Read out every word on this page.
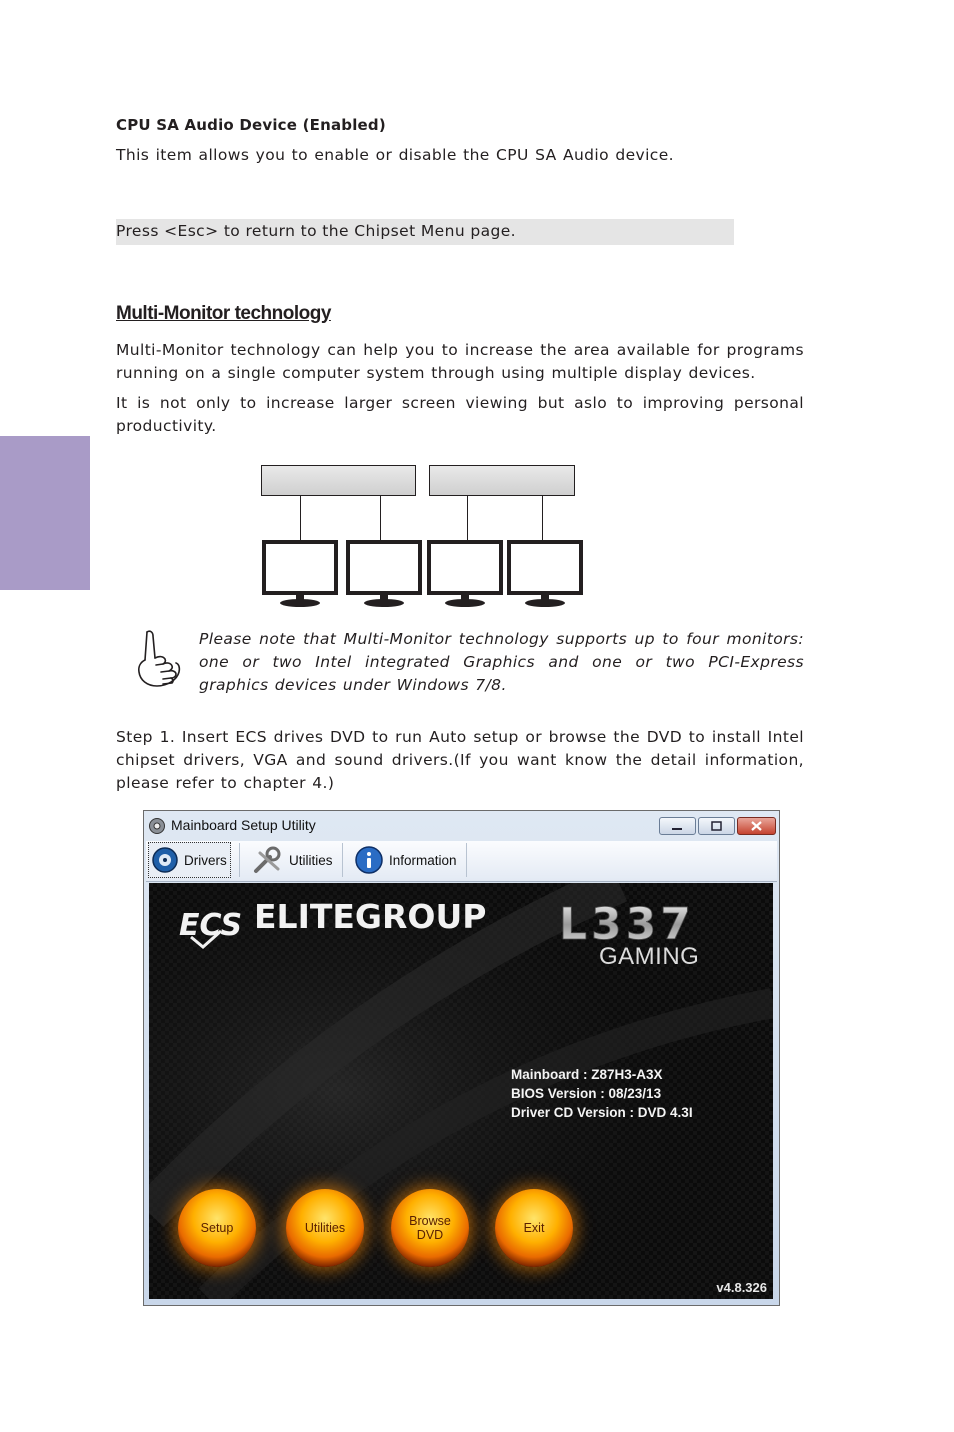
CPU SA Audio Device (Enabled)
This item allows you to enable or disable the CPU SA Audio device.
Press <Esc> to return to the Chipset Menu page.
Multi-Monitor technology
Multi-Monitor technology can help you to increase the area available for programs running on a single computer system through using multiple display devices.
It is not only to increase larger screen viewing but aslo to improving personal productivity.
Please note that Multi-Monitor technology supports up to four monitors: one or two Intel integrated Graphics and one or two PCI-Express graphics devices under Windows 7/8.
Step 1. Insert ECS drives DVD to run Auto setup or browse the DVD to install Intel chipset drivers, VGA and sound drivers.(If you want know the detail information, please refer to chapter 4.)
Mainboard Setup Utility
Drivers	Utilities	Information
ECS ELITEGROUP L337
GAMING
Mainboard : Z87H3-A3X
BIOS Version : 08/23/13
Driver CD Version : DVD 4.3I
Setup	Utilities	Browse
DVD	Exit
v4.8.326
